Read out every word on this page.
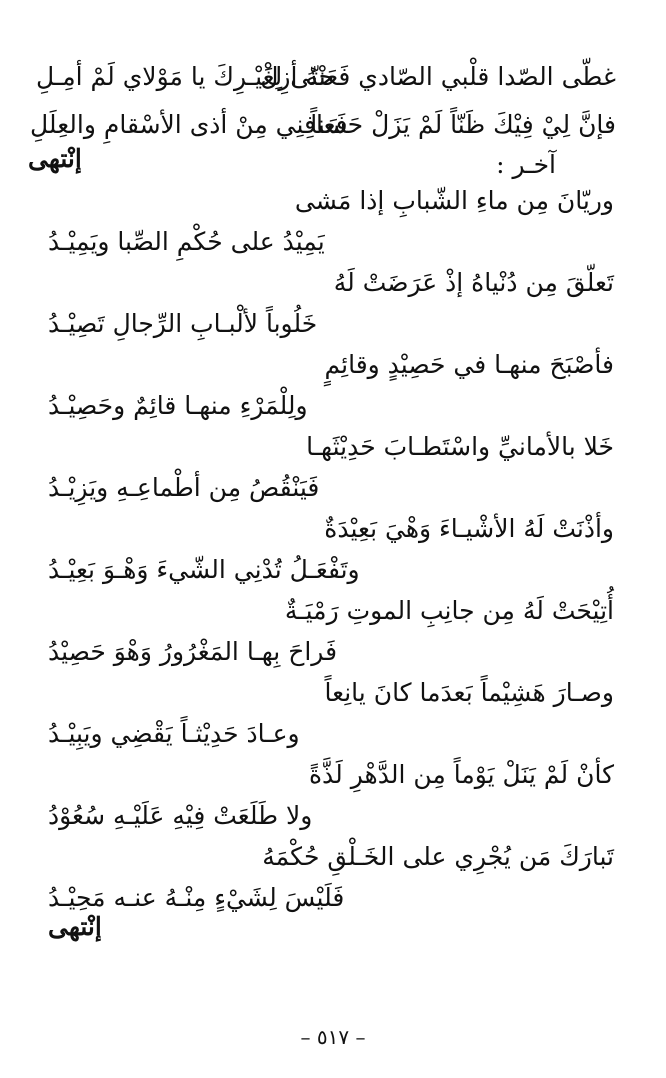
غطّى الصّدا قلْبي الصّادي فَعَنْهُ أزِلْ
حتّى لِغَيْـرِكَ يا مَوْلاي لَمْ أمِـلِ
فإنَّ لِيْ فِيْكَ ظَنّاً لَمْ يَزَلْ حَسَناً
فَعافِنِي مِنْ أذى الأسْقامِ والعِلَلِ
إنْتهى	آخـر :
وريّانَ مِن ماءِ الشّبابِ إذا مَشى
يَمِيْدُ على حُكْمِ الصِّبا ويَمِيْـدُ
تَعلّقَ مِن دُنْياهُ إذْ عَرَضَتْ لَهُ
خَلُوباً لألْبـابِ الرِّجالِ تَصِيْـدُ
فأصْبَحَ منهـا في حَصِيْدٍ وقائِمٍ
ولِلْمَرْءِ منهـا قائِمٌ وحَصِيْـدُ
خَلا بالأمانيِّ واسْتَطـابَ حَدِيْثَهـا
فَيَنْقُصُ مِن أطْماعِـهِ ويَزِيْـدُ
وأذْنَتْ لَهُ الأشْيـاءَ وَهْيَ بَعِيْدَةٌ
وتَفْعَـلُ تُدْنِي الشّيءَ وَهْـوَ بَعِيْـدُ
أُتِيْحَتْ لَهُ مِن جانِبِ الموتِ رَمْيَـةٌ
فَراحَ بِهـا المَغْرُورُ وَهْوَ حَصِيْدُ
وصـارَ هَشِيْماً بَعدَما كانَ يانِعاً
وعـادَ حَدِيْثـاً يَقْضِي ويَبِيْـدُ
كأنْ لَمْ يَنَلْ يَوْماً مِن الدَّهْرِ لَذَّةً
ولا طَلَعَتْ فِيْهِ عَلَيْـهِ سُعُوْدُ
تَبارَكَ مَن يُجْرِي على الخَـلْقِ حُكْمَهُ
فَلَيْسَ لِشَيْءٍ مِنْـهُ عنـه مَحِيْـدُ
إنْتهى
– ٥١٧ –
